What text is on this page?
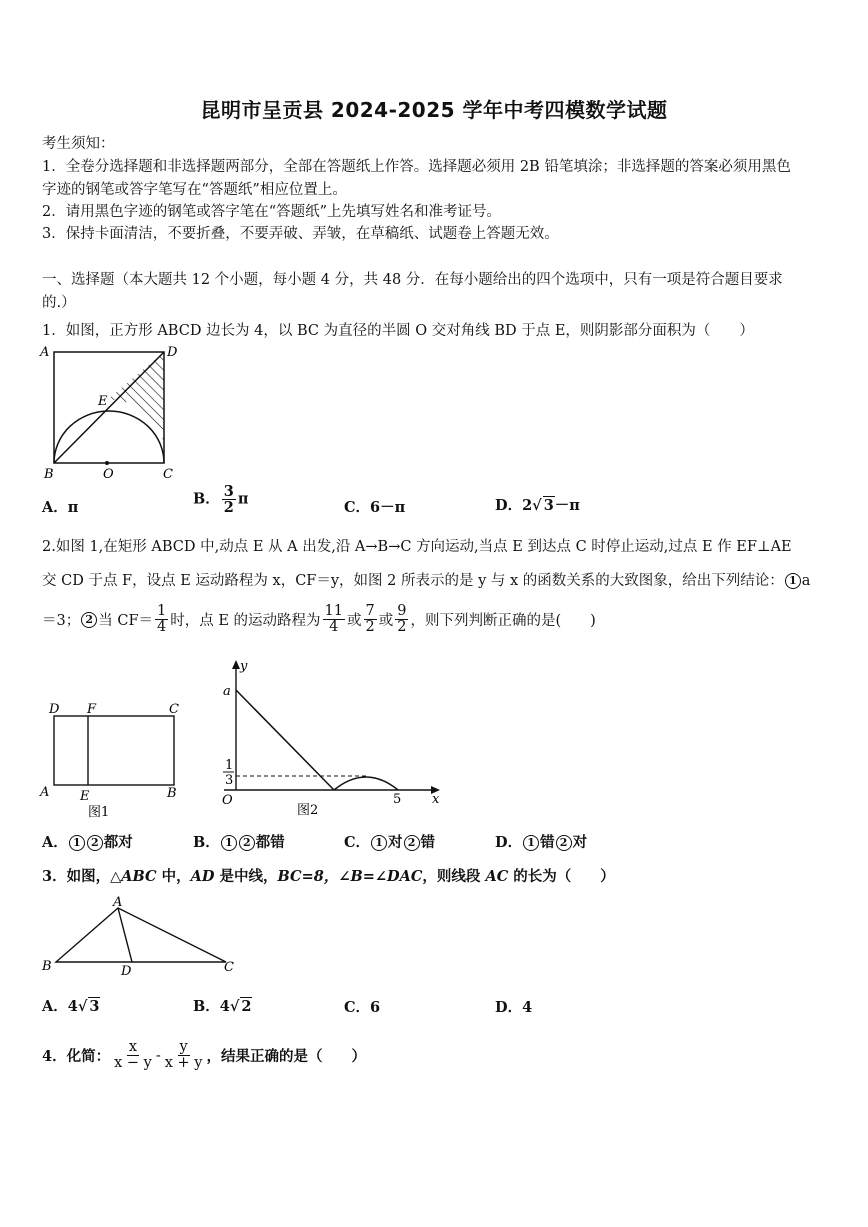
昆明市呈贡县 2024-2025 学年中考四模数学试题
考生须知：
1．全卷分选择题和非选择题两部分，全部在答题纸上作答。选择题必须用 2B 铅笔填涂；非选择题的答案必须用黑色
字迹的钢笔或答字笔写在“答题纸”相应位置上。
2．请用黑色字迹的钢笔或答字笔在“答题纸”上先填写姓名和准考证号。
3．保持卡面清洁，不要折叠，不要弄破、弄皱，在草稿纸、试题卷上答题无效。
一、选择题（本大题共 12 个小题，每小题 4 分，共 48 分．在每小题给出的四个选项中，只有一项是符合题目要求
的.）
1．如图，正方形 ABCD 边长为 4，以 BC 为直径的半圆 O 交对角线 BD 于点 E，则阴影部分面积为（　　）
A	D
E
B	O	C
A．π	B． $\frac{3}{2}$ π	C．6－π	D．2√ 3－π
2.如图 1,在矩形 ABCD 中,动点 E 从 A 出发,沿 A→B→C 方向运动,当点 E 到达点 C 时停止运动,过点 E 作 EF⊥AE
交 CD 于点 F，设点 E 运动路程为 x，CF＝y，如图 2 所表示的是 y 与 x 的函数关系的大致图象，给出下列结论： 1 a
＝3； 2 当 $CF= \frac{1}{4}$ 时，点 E 的运动路程为 $\frac{11}{4}$ 或 $\frac{7}{2}$ 或 $\frac{9}{2}$ ，则下列判断正确的是(　　)
D F	C
A E	B
图1
y
a
1
3
O	5 x
图2
A． 1 2 都对	B． 1 2 都错	C． 1 对 2 错	D． 1 错 2 对
3．如图，△ABC 中，AD 是中线，BC=8，∠B=∠DAC，则线段 AC 的长为（　　）
A
B	D	C
A．4√ 3	B．4√ 2	C．6	D．4
4．化简： $\frac{x}{x - y} - \frac{y}{x + y}$ ，结果正确的是（　　）
